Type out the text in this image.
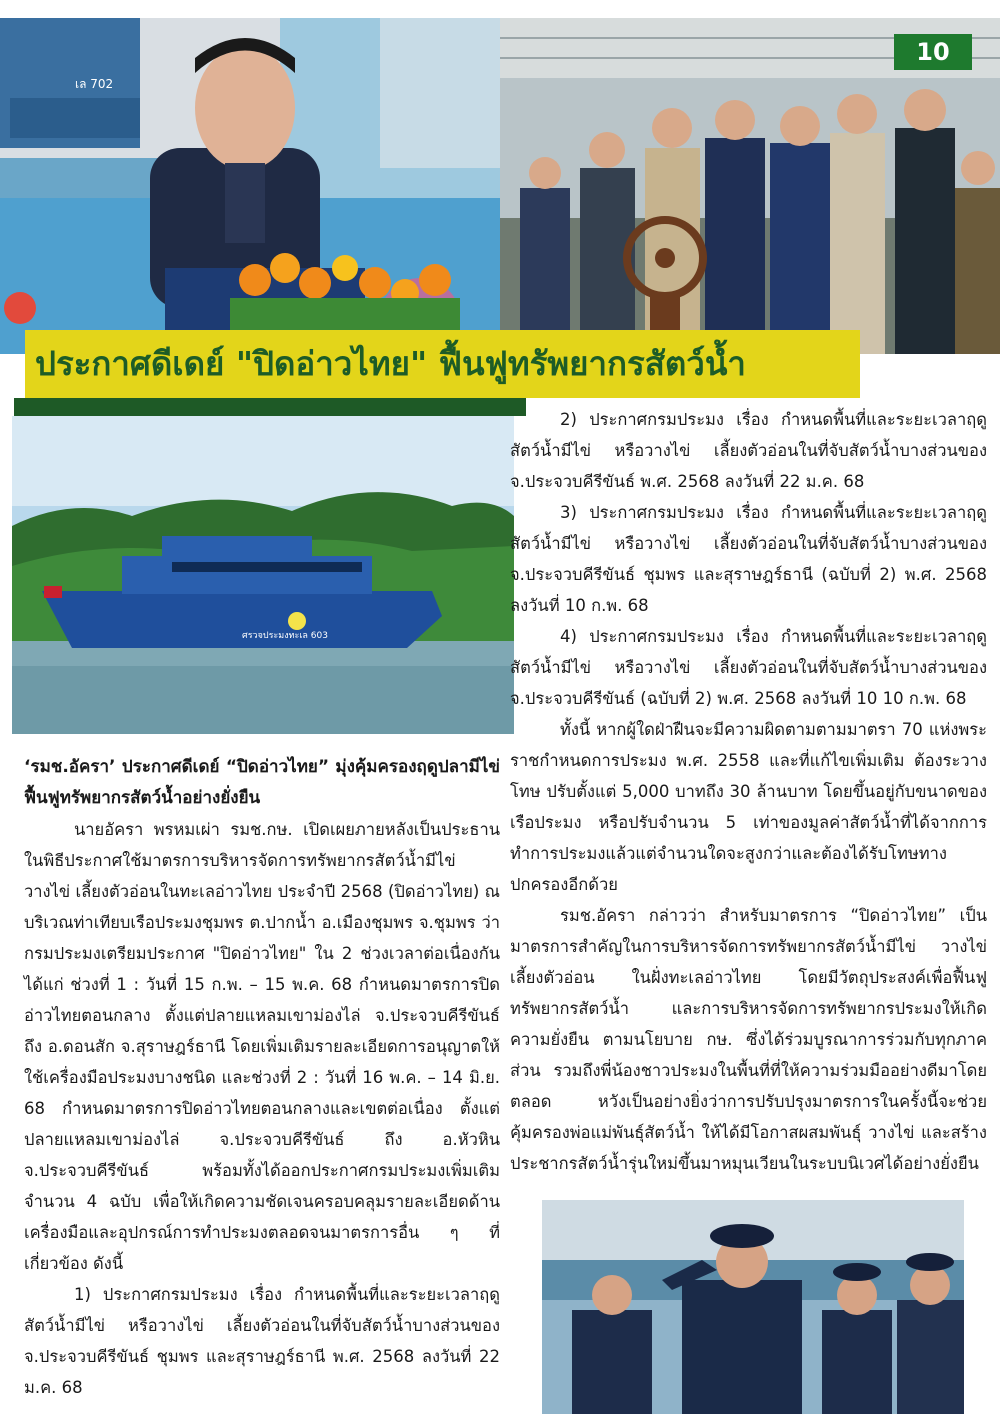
เล 702
10
ประกาศดีเดย์ "ปิดอ่าวไทย" ฟื้นฟูทรัพยากรสัตว์น้ำ
ศรวจประมงทะเล 603

‘รมช.อัครา’ ประกาศดีเดย์ “ปิดอ่าวไทย” มุ่งคุ้มครองฤดูปลามีไข่ ฟื้นฟูทรัพยากรสัตว์น้ำอย่างยั่งยืน

นายอัครา พรหมเผ่า รมช.กษ. เปิดเผยภายหลังเป็นประธานในพิธีประกาศใช้มาตรการบริหารจัดการทรัพยากรสัตว์น้ำมีไข่ วางไข่ เลี้ยงตัวอ่อนในทะเลอ่าวไทย ประจำปี 2568 (ปิดอ่าวไทย) ณ บริเวณท่าเทียบเรือประมงชุมพร ต.ปากน้ำ อ.เมืองชุมพร จ.ชุมพร ว่า กรมประมงเตรียมประกาศ "ปิดอ่าวไทย" ใน 2 ช่วงเวลาต่อเนื่องกัน ได้แก่ ช่วงที่ 1 : วันที่ 15 ก.พ. – 15 พ.ค. 68 กำหนดมาตรการปิดอ่าวไทยตอนกลาง ตั้งแต่ปลายแหลมเขาม่องไล่ จ.ประจวบคีรีขันธ์ ถึง อ.ดอนสัก จ.สุราษฎร์ธานี โดยเพิ่มเติมรายละเอียดการอนุญาตให้ใช้เครื่องมือประมงบางชนิด และช่วงที่ 2 : วันที่ 16 พ.ค. – 14 มิ.ย. 68 กำหนดมาตรการปิดอ่าวไทยตอนกลางและเขตต่อเนื่อง ตั้งแต่ปลายแหลมเขาม่องไล่ จ.ประจวบคีรีขันธ์ ถึง อ.หัวหิน จ.ประจวบคีรีขันธ์ พร้อมทั้งได้ออกประกาศกรมประมงเพิ่มเติม จำนวน 4 ฉบับ เพื่อให้เกิดความชัดเจนครอบคลุมรายละเอียดด้านเครื่องมือและอุปกรณ์การทำประมงตลอดจนมาตรการอื่น ๆ ที่เกี่ยวข้อง ดังนี้

1) ประกาศกรมประมง เรื่อง กำหนดพื้นที่และระยะเวลาฤดูสัตว์น้ำมีไข่ หรือวางไข่ เลี้ยงตัวอ่อนในที่จับสัตว์น้ำบางส่วนของ จ.ประจวบคีรีขันธ์ ชุมพร และสุราษฎร์ธานี พ.ศ. 2568 ลงวันที่ 22 ม.ค. 68

2) ประกาศกรมประมง เรื่อง กำหนดพื้นที่และระยะเวลาฤดูสัตว์น้ำมีไข่ หรือวางไข่ เลี้ยงตัวอ่อนในที่จับสัตว์น้ำบางส่วนของ จ.ประจวบคีรีขันธ์ พ.ศ. 2568 ลงวันที่ 22 ม.ค. 68

3) ประกาศกรมประมง เรื่อง กำหนดพื้นที่และระยะเวลาฤดูสัตว์น้ำมีไข่ หรือวางไข่ เลี้ยงตัวอ่อนในที่จับสัตว์น้ำบางส่วนของ จ.ประจวบคีรีขันธ์ ชุมพร และสุราษฎร์ธานี (ฉบับที่ 2) พ.ศ. 2568 ลงวันที่ 10 ก.พ. 68

4) ประกาศกรมประมง เรื่อง กำหนดพื้นที่และระยะเวลาฤดูสัตว์น้ำมีไข่ หรือวางไข่ เลี้ยงตัวอ่อนในที่จับสัตว์น้ำบางส่วนของ จ.ประจวบคีรีขันธ์ (ฉบับที่ 2) พ.ศ. 2568 ลงวันที่ 10 10 ก.พ. 68

ทั้งนี้ หากผู้ใดฝ่าฝืนจะมีความผิดตามตามมาตรา 70 แห่งพระราชกำหนดการประมง พ.ศ. 2558 และที่แก้ไขเพิ่มเติม ต้องระวางโทษ ปรับตั้งแต่ 5,000 บาทถึง 30 ล้านบาท โดยขึ้นอยู่กับขนาดของเรือประมง หรือปรับจำนวน 5 เท่าของมูลค่าสัตว์น้ำที่ได้จากการทำการประมงแล้วแต่จำนวนใดจะสูงกว่าและต้องได้รับโทษทางปกครองอีกด้วย

รมช.อัครา กล่าวว่า สำหรับมาตรการ “ปิดอ่าวไทย” เป็นมาตรการสำคัญในการบริหารจัดการทรัพยากรสัตว์น้ำมีไข่ วางไข่ เลี้ยงตัวอ่อน ในฝั่งทะเลอ่าวไทย โดยมีวัตถุประสงค์เพื่อฟื้นฟูทรัพยากรสัตว์น้ำ และการบริหารจัดการทรัพยากรประมงให้เกิดความยั่งยืน ตามนโยบาย กษ. ซึ่งได้ร่วมบูรณาการร่วมกับทุกภาคส่วน รวมถึงพี่น้องชาวประมงในพื้นที่ที่ให้ความร่วมมืออย่างดีมาโดยตลอด หวังเป็นอย่างยิ่งว่าการปรับปรุงมาตรการในครั้งนี้จะช่วยคุ้มครองพ่อแม่พันธุ์สัตว์น้ำ ให้ได้มีโอกาสผสมพันธุ์ วางไข่ และสร้างประชากรสัตว์น้ำรุ่นใหม่ขึ้นมาหมุนเวียนในระบบนิเวศได้อย่างยั่งยืน
